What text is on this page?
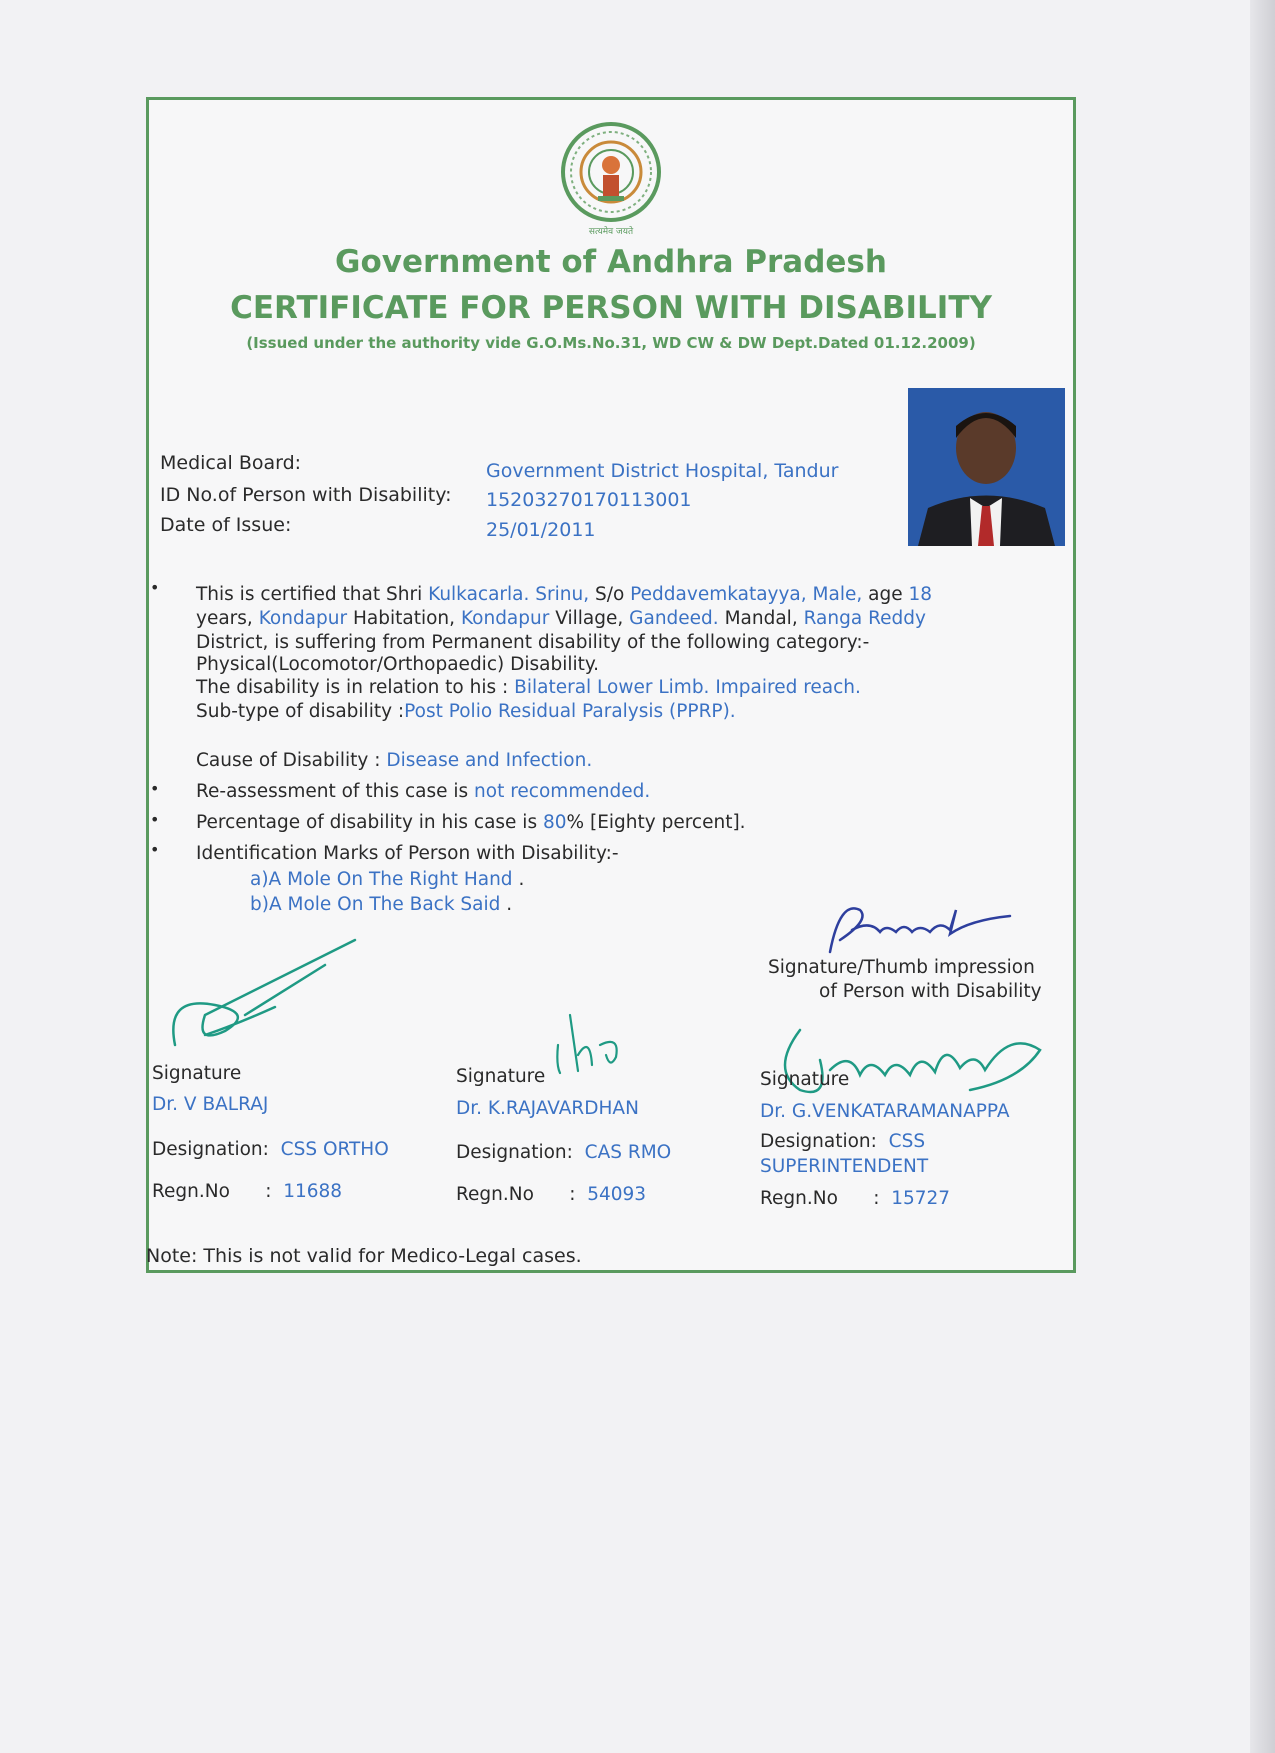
सत्यमेव जयते
Government of Andhra Pradesh
CERTIFICATE FOR PERSON WITH DISABILITY
(Issued under the authority vide G.O.Ms.No.31, WD CW & DW Dept.Dated 01.12.2009)
Medical Board:	Government District Hospital, Tandur
ID No.of Person with Disability: 15203270170113001
Date of Issue:	25/01/2011
• This is certified that Shri Kulkacarla. Srinu, S/o Peddavemkatayya, Male, age 18
years, Kondapur Habitation, Kondapur Village, Gandeed. Mandal, Ranga Reddy
District, is suffering from Permanent disability of the following category:-
Physical(Locomotor/Orthopaedic) Disability.
The disability is in relation to his : Bilateral Lower Limb. Impaired reach.
Sub-type of disability :Post Polio Residual Paralysis (PPRP).
Cause of Disability : Disease and Infection.
• Re-assessment of this case is not recommended.
• Percentage of disability in his case is 80% [Eighty percent].
• Identification Marks of Person with Disability:-
a)A Mole On The Right Hand .
b)A Mole On The Back Said .
Signature/Thumb impression
of Person with Disability
Signature
Dr. V BALRAJ
Designation: CSS ORTHO
Regn.No : 11688
Signature
Dr. K.RAJAVARDHAN
Designation: CAS RMO
Regn.No : 54093
Signature
Dr. G.VENKATARAMANAPPA
Designation: CSS
SUPERINTENDENT
Regn.No : 15727
Note: This is not valid for Medico-Legal cases.
